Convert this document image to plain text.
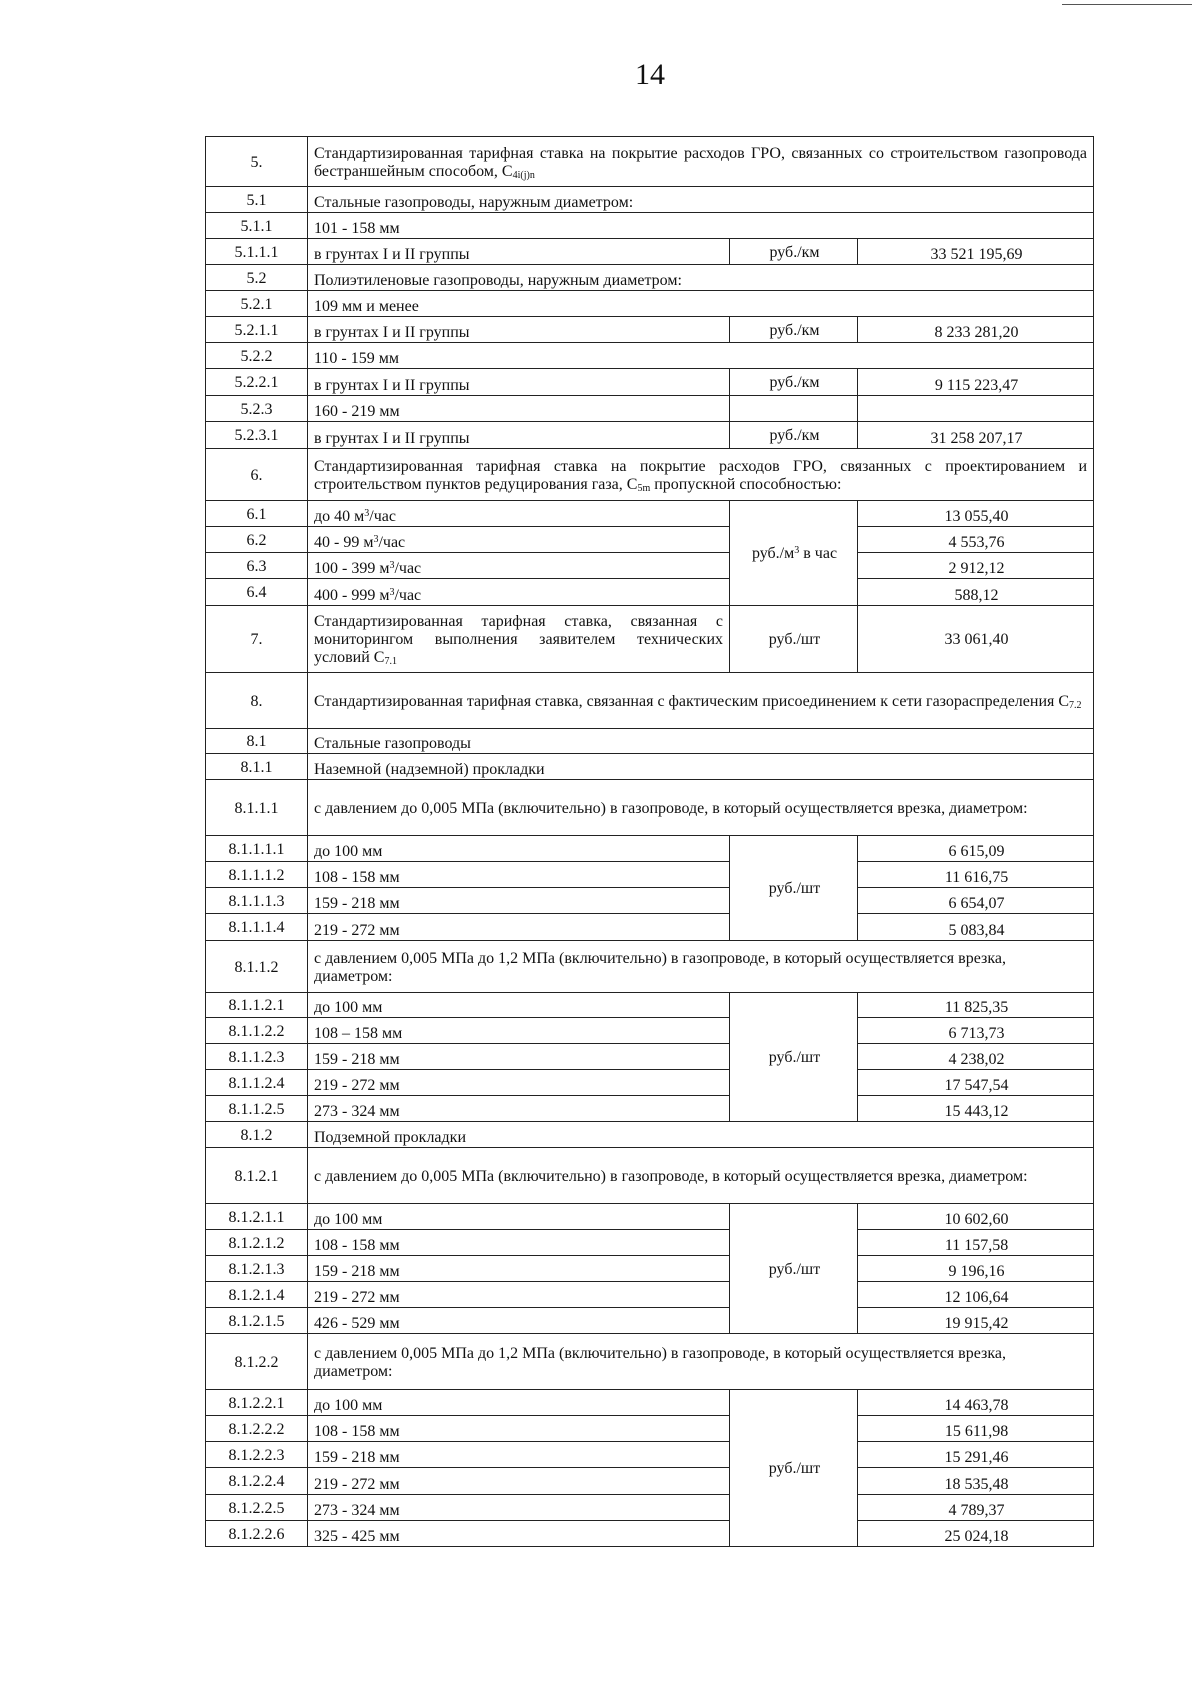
14
5.	Стандартизированная тарифная ставка на покрытие расходов ГРО, связанных со строительством газопровода бестраншейным способом, $C_{4i(j)n}$
5.1	Стальные газопроводы, наружным диаметром:		
5.1.1	101 - 158 мм		
5.1.1.1	в грунтах I и II группы	руб./км	33 521 195,69
5.2	Полиэтиленовые газопроводы, наружным диаметром:		
5.2.1	109 мм и менее		
5.2.1.1	в грунтах I и II группы	руб./км	8 233 281,20
5.2.2	110 - 159 мм		
5.2.2.1	в грунтах I и II группы	руб./км	9 115 223,47
5.2.3	160 - 219 мм		
5.2.3.1	в грунтах I и II группы	руб./км	31 258 207,17
6.	Стандартизированная тарифная ставка на покрытие расходов ГРО, связанных с проектированием и строительством пунктов редуцирования газа, $C_{5m}$ пропускной способностью:		
6.1	до 40 $м^3$/час	$руб./м^3$ в час	13 055,40
6.2	40 - 99 $м^3$/час		4 553,76
6.3	100 - 399 $м^3$/час		2 912,12
6.4	400 - 999 $м^3$/час		588,12
7.	Стандартизированная тарифная ставка, связанная с мониторингом выполнения заявителем технических условий $C_{7.1}$	руб./шт	33 061,40
8.	Стандартизированная тарифная ставка, связанная с фактическим присоединением к сети газораспределения $C_{7.2}$
8.1	Стальные газопроводы		
8.1.1	Наземной (надземной) прокладки		
8.1.1.1	с давлением до 0,005 МПа (включительно) в газопроводе, в который осуществляется врезка, диаметром:		
8.1.1.1.1	до 100 мм	руб./шт	6 615,09
8.1.1.1.2	108 - 158 мм		11 616,75
8.1.1.1.3	159 - 218 мм		6 654,07
8.1.1.1.4	219 - 272 мм		5 083,84
8.1.1.2	с давлением 0,005 МПа до 1,2 МПа (включительно) в газопроводе, в который осуществляется врезка, диаметром:		
8.1.1.2.1	до 100 мм	руб./шт	11 825,35
8.1.1.2.2	108 – 158 мм		6 713,73
8.1.1.2.3	159 - 218 мм		4 238,02
8.1.1.2.4	219 - 272 мм		17 547,54
8.1.1.2.5	273 - 324 мм		15 443,12
8.1.2	Подземной прокладки		
8.1.2.1	с давлением до 0,005 МПа (включительно) в газопроводе, в который осуществляется врезка, диаметром:		
8.1.2.1.1	до 100 мм	руб./шт	10 602,60
8.1.2.1.2	108 - 158 мм		11 157,58
8.1.2.1.3	159 - 218 мм		9 196,16
8.1.2.1.4	219 - 272 мм		12 106,64
8.1.2.1.5	426 - 529 мм		19 915,42
8.1.2.2	с давлением 0,005 МПа до 1,2 МПа (включительно) в газопроводе, в который осуществляется врезка, диаметром:		
8.1.2.2.1	до 100 мм	руб./шт	14 463,78
8.1.2.2.2	108 - 158 мм		15 611,98
8.1.2.2.3	159 - 218 мм		15 291,46
8.1.2.2.4	219 - 272 мм		18 535,48
8.1.2.2.5	273 - 324 мм		4 789,37
8.1.2.2.6	325 - 425 мм		25 024,18
